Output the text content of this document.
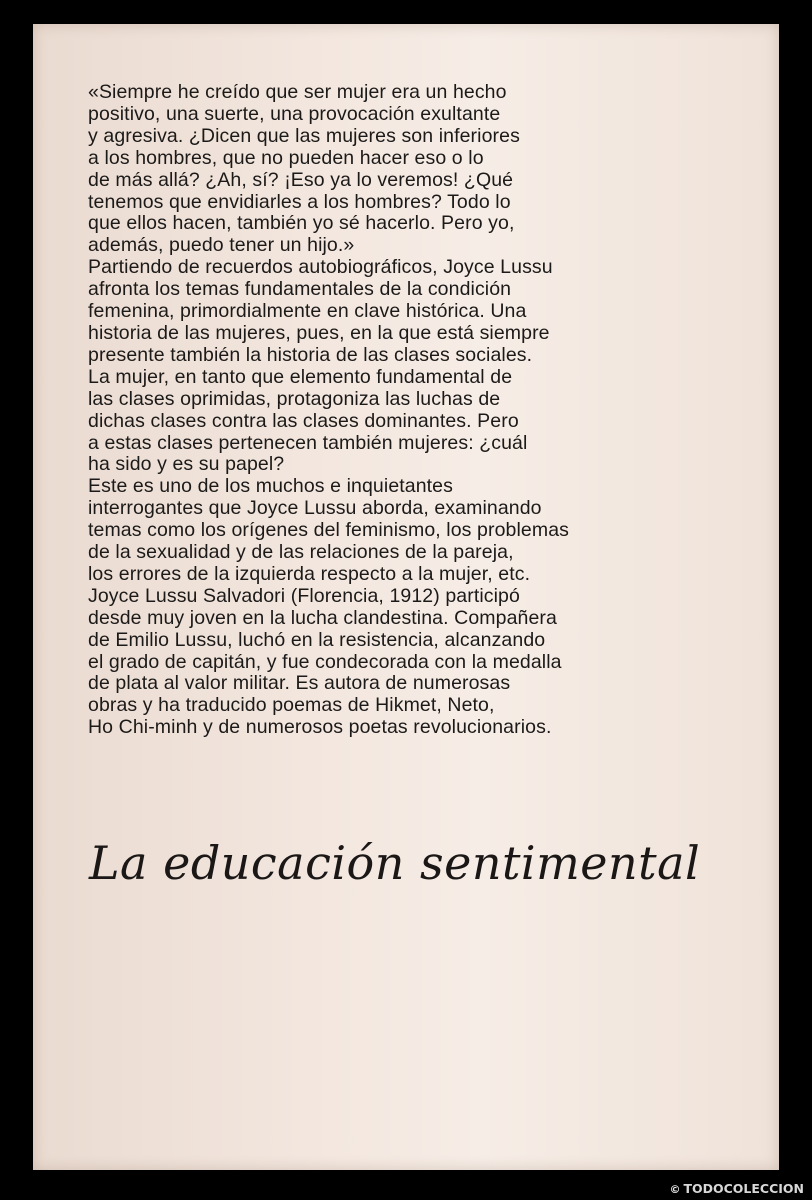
«Siempre he creído que ser mujer era un hecho
positivo, una suerte, una provocación exultante
y agresiva. ¿Dicen que las mujeres son inferiores
a los hombres, que no pueden hacer eso o lo
de más allá? ¿Ah, sí? ¡Eso ya lo veremos! ¿Qué
tenemos que envidiarles a los hombres? Todo lo
que ellos hacen, también yo sé hacerlo. Pero yo,
además, puedo tener un hijo.»
Partiendo de recuerdos autobiográficos, Joyce Lussu
afronta los temas fundamentales de la condición
femenina, primordialmente en clave histórica. Una
historia de las mujeres, pues, en la que está siempre
presente también la historia de las clases sociales.
La mujer, en tanto que elemento fundamental de
las clases oprimidas, protagoniza las luchas de
dichas clases contra las clases dominantes. Pero
a estas clases pertenecen también mujeres: ¿cuál
ha sido y es su papel?
Este es uno de los muchos e inquietantes
interrogantes que Joyce Lussu aborda, examinando
temas como los orígenes del feminismo, los problemas
de la sexualidad y de las relaciones de la pareja,
los errores de la izquierda respecto a la mujer, etc.
Joyce Lussu Salvadori (Florencia, 1912) participó
desde muy joven en la lucha clandestina. Compañera
de Emilio Lussu, luchó en la resistencia, alcanzando
el grado de capitán, y fue condecorada con la medalla
de plata al valor militar. Es autora de numerosas
obras y ha traducido poemas de Hikmet, Neto,
Ho Chi-minh y de numerosos poetas revolucionarios.
La educación sentimental
© TODOCOLECCION
